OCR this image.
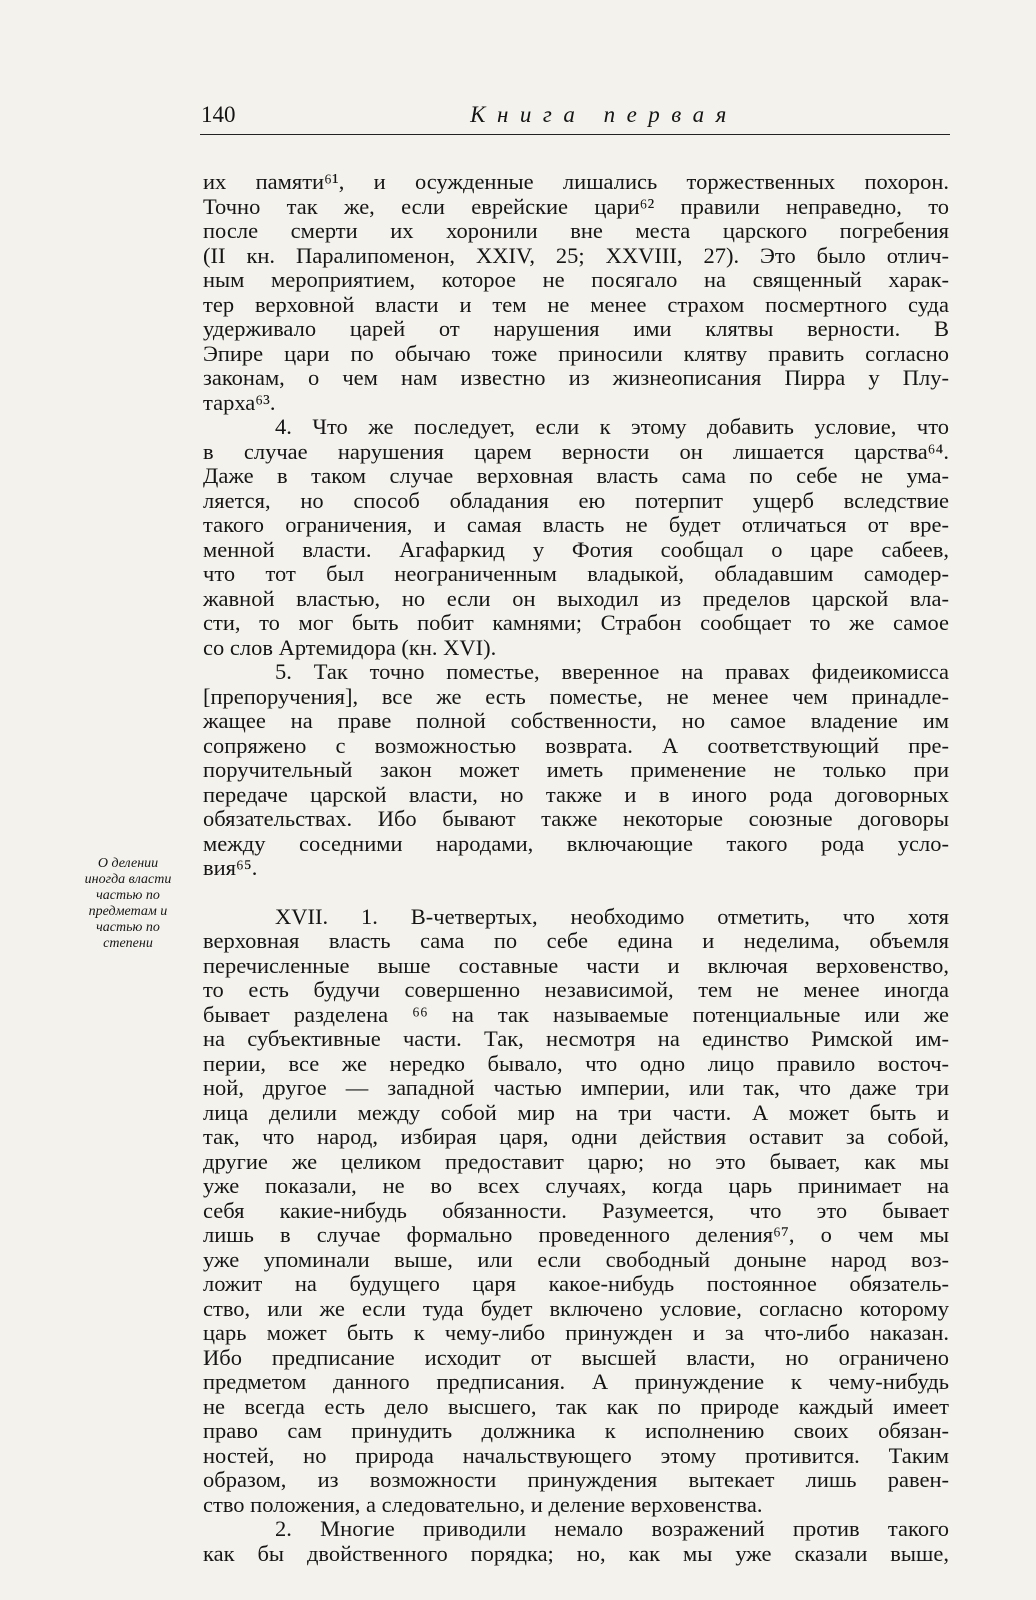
140	Книга первая
О делении
иногда власти
частью по
предметам и
частью по
степени
их памяти⁶¹, и осужденные лишались торжественных похорон.
Точно так же, если еврейские цари⁶² правили неправедно, то
после смерти их хоронили вне места царского погребения
(II кн. Паралипоменон, XXIV, 25; XXVIII, 27). Это было отлич-
ным мероприятием, которое не посягало на священный харак-
тер верховной власти и тем не менее страхом посмертного суда
удерживало царей от нарушения ими клятвы верности. В
Эпире цари по обычаю тоже приносили клятву править согласно
законам, о чем нам известно из жизнеописания Пирра у Плу-
тарха⁶³.
4. Что же последует, если к этому добавить условие, что
в случае нарушения царем верности он лишается царства⁶⁴.
Даже в таком случае верховная власть сама по себе не ума-
ляется, но способ обладания ею потерпит ущерб вследствие
такого ограничения, и самая власть не будет отличаться от вре-
менной власти. Агафаркид у Фотия сообщал о царе сабеев,
что тот был неограниченным владыкой, обладавшим самодер-
жавной властью, но если он выходил из пределов царской вла-
сти, то мог быть побит камнями; Страбон сообщает то же самое
со слов Артемидора (кн. XVI).
5. Так точно поместье, вверенное на правах фидеикомисса
[препоручения], все же есть поместье, не менее чем принадле-
жащее на праве полной собственности, но самое владение им
сопряжено с возможностью возврата. А соответствующий пре-
поручительный закон может иметь применение не только при
передаче царской власти, но также и в иного рода договорных
обязательствах. Ибо бывают также некоторые союзные договоры
между соседними народами, включающие такого рода усло-
вия⁶⁵.
XVII. 1. В-четвертых, необходимо отметить, что хотя
верховная власть сама по себе едина и неделима, объемля
перечисленные выше составные части и включая верховенство,
то есть будучи совершенно независимой, тем не менее иногда
бывает разделена ⁶⁶ на так называемые потенциальные или же
на субъективные части. Так, несмотря на единство Римской им-
перии, все же нередко бывало, что одно лицо правило восточ-
ной, другое — западной частью империи, или так, что даже три
лица делили между собой мир на три части. А может быть и
так, что народ, избирая царя, одни действия оставит за собой,
другие же целиком предоставит царю; но это бывает, как мы
уже показали, не во всех случаях, когда царь принимает на
себя какие-нибудь обязанности. Разумеется, что это бывает
лишь в случае формально проведенного деления⁶⁷, о чем мы
уже упоминали выше, или если свободный доныне народ воз-
ложит на будущего царя какое-нибудь постоянное обязатель-
ство, или же если туда будет включено условие, согласно которому
царь может быть к чему-либо принужден и за что-либо наказан.
Ибо предписание исходит от высшей власти, но ограничено
предметом данного предписания. А принуждение к чему-нибудь
не всегда есть дело высшего, так как по природе каждый имеет
право сам принудить должника к исполнению своих обязан-
ностей, но природа начальствующего этому противится. Таким
образом, из возможности принуждения вытекает лишь равен-
ство положения, а следовательно, и деление верховенства.
2. Многие приводили немало возражений против такого
как бы двойственного порядка; но, как мы уже сказали выше,
